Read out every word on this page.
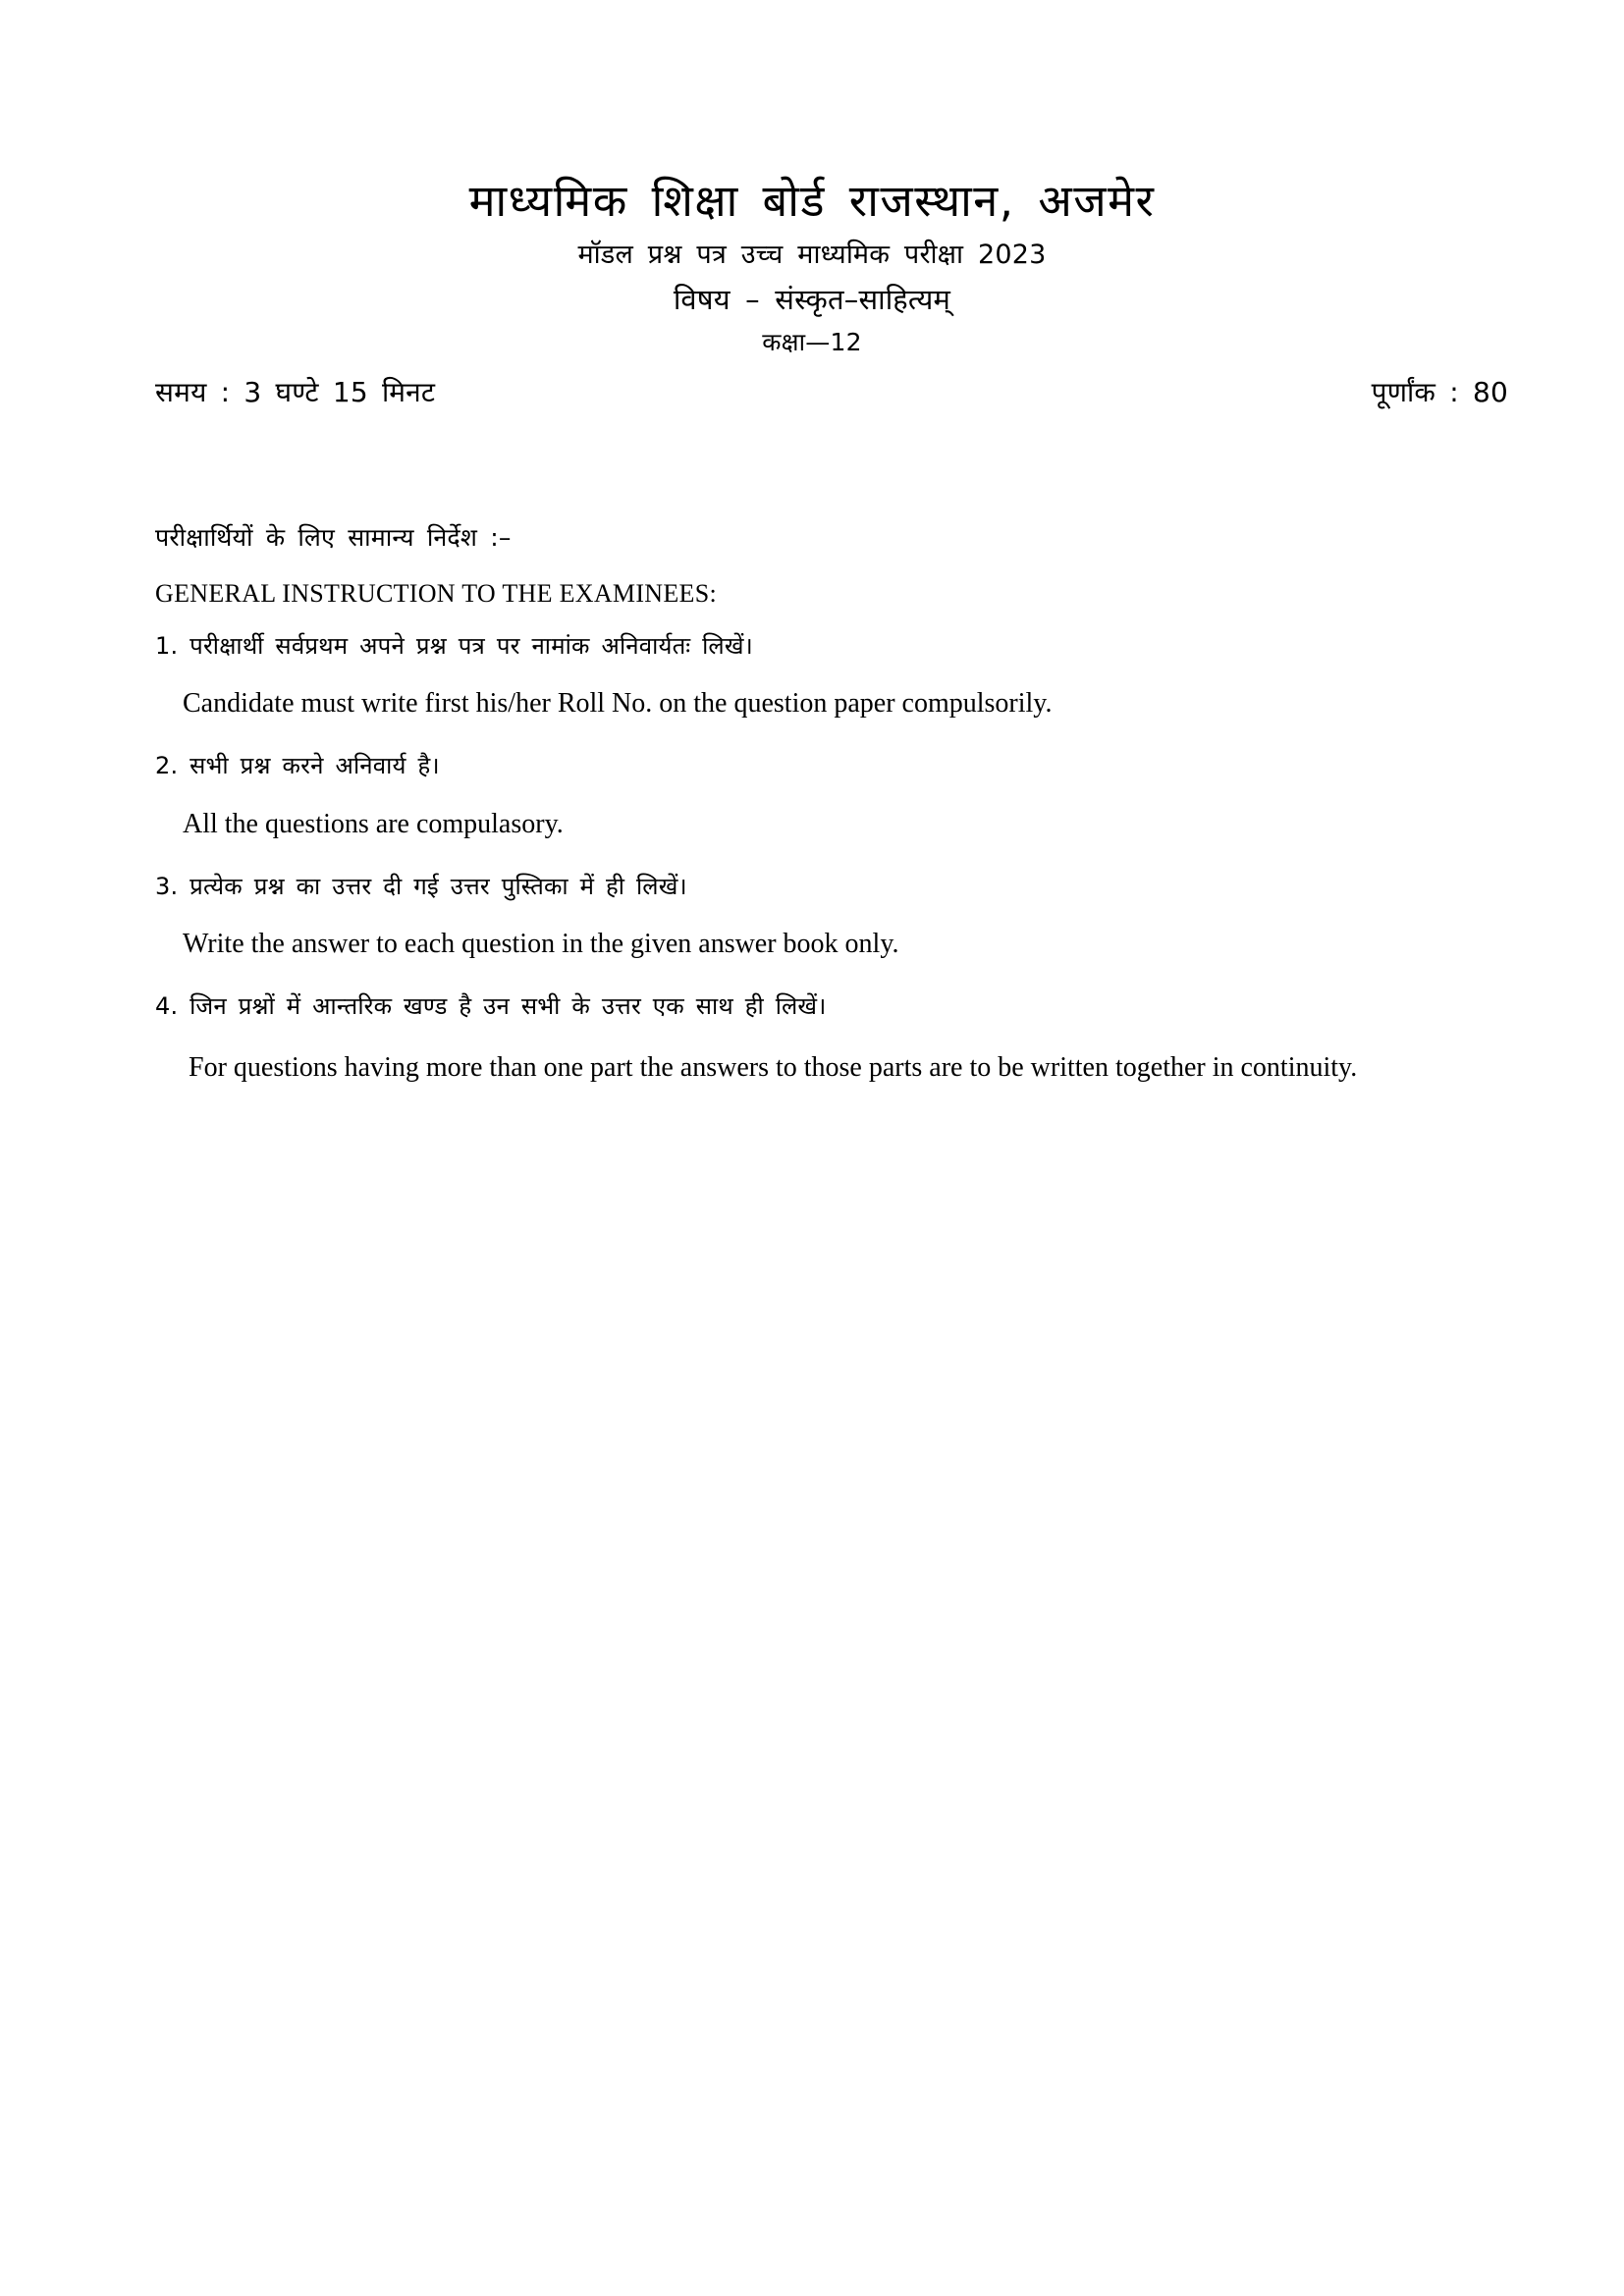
माध्यमिक शिक्षा बोर्ड राजस्थान, अजमेर
मॉडल प्रश्न पत्र उच्च माध्यमिक परीक्षा 2023
विषय – संस्कृत–साहित्यम्
कक्षा—12
समय : 3 घण्टे 15 मिनट	पूर्णांक : 80
परीक्षार्थियों के लिए सामान्य निर्देश :–
GENERAL INSTRUCTION TO THE EXAMINEES:
1. परीक्षार्थी सर्वप्रथम अपने प्रश्न पत्र पर नामांक अनिवार्यतः लिखें।
Candidate must write first his/her Roll No. on the question paper compulsorily.
2. सभी प्रश्न करने अनिवार्य है।
All the questions are compulasory.
3. प्रत्येक प्रश्न का उत्तर दी गई उत्तर पुस्तिका में ही लिखें।
Write the answer to each question in the given answer book only.
4. जिन प्रश्नों में आन्तरिक खण्ड है उन सभी के उत्तर एक साथ ही लिखें।
For questions having more than one part the answers to those parts are to be written together in continuity.
